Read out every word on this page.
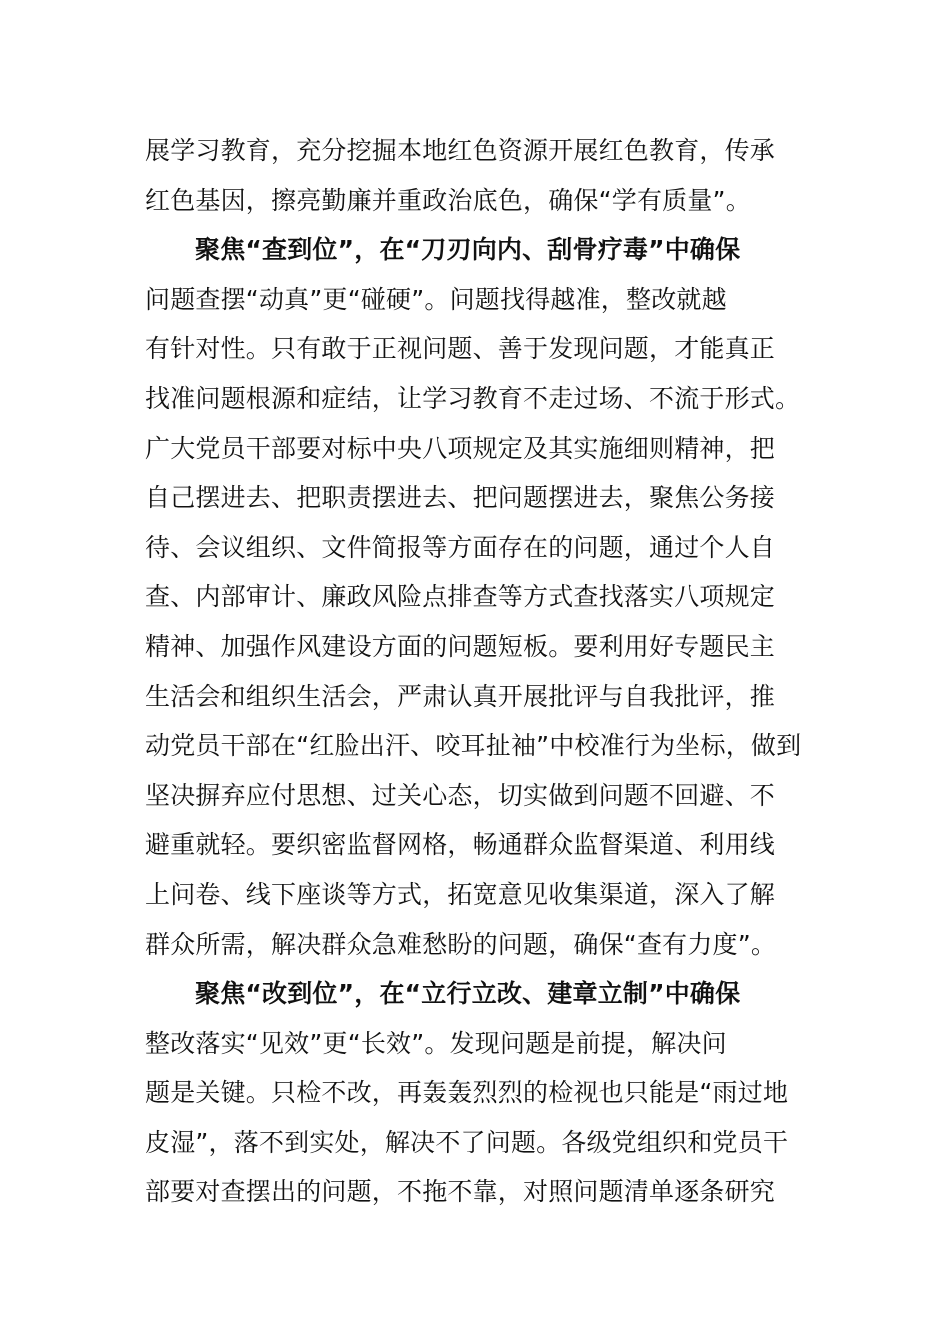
展学习教育，充分挖掘本地红色资源开展红色教育，传承
红色基因，擦亮勤廉并重政治底色，确保“学有质量”。
聚焦“查到位”，在“刀刃向内、刮骨疗毒”中确保
问题查摆“动真”更“碰硬”。问题找得越准，整改就越
有针对性。只有敢于正视问题、善于发现问题，才能真正
找准问题根源和症结，让学习教育不走过场、不流于形式。
广大党员干部要对标中央八项规定及其实施细则精神，把
自己摆进去、把职责摆进去、把问题摆进去，聚焦公务接
待、会议组织、文件简报等方面存在的问题，通过个人自
查、内部审计、廉政风险点排查等方式查找落实八项规定
精神、加强作风建设方面的问题短板。要利用好专题民主
生活会和组织生活会，严肃认真开展批评与自我批评，推
动党员干部在“红脸出汗、咬耳扯袖”中校准行为坐标，做到
坚决摒弃应付思想、过关心态，切实做到问题不回避、不
避重就轻。要织密监督网格，畅通群众监督渠道、利用线
上问卷、线下座谈等方式，拓宽意见收集渠道，深入了解
群众所需，解决群众急难愁盼的问题，确保“查有力度”。
聚焦“改到位”，在“立行立改、建章立制”中确保
整改落实“见效”更“长效”。发现问题是前提，解决问
题是关键。只检不改，再轰轰烈烈的检视也只能是“雨过地
皮湿”，落不到实处，解决不了问题。各级党组织和党员干
部要对查摆出的问题，不拖不靠，对照问题清单逐条研究
